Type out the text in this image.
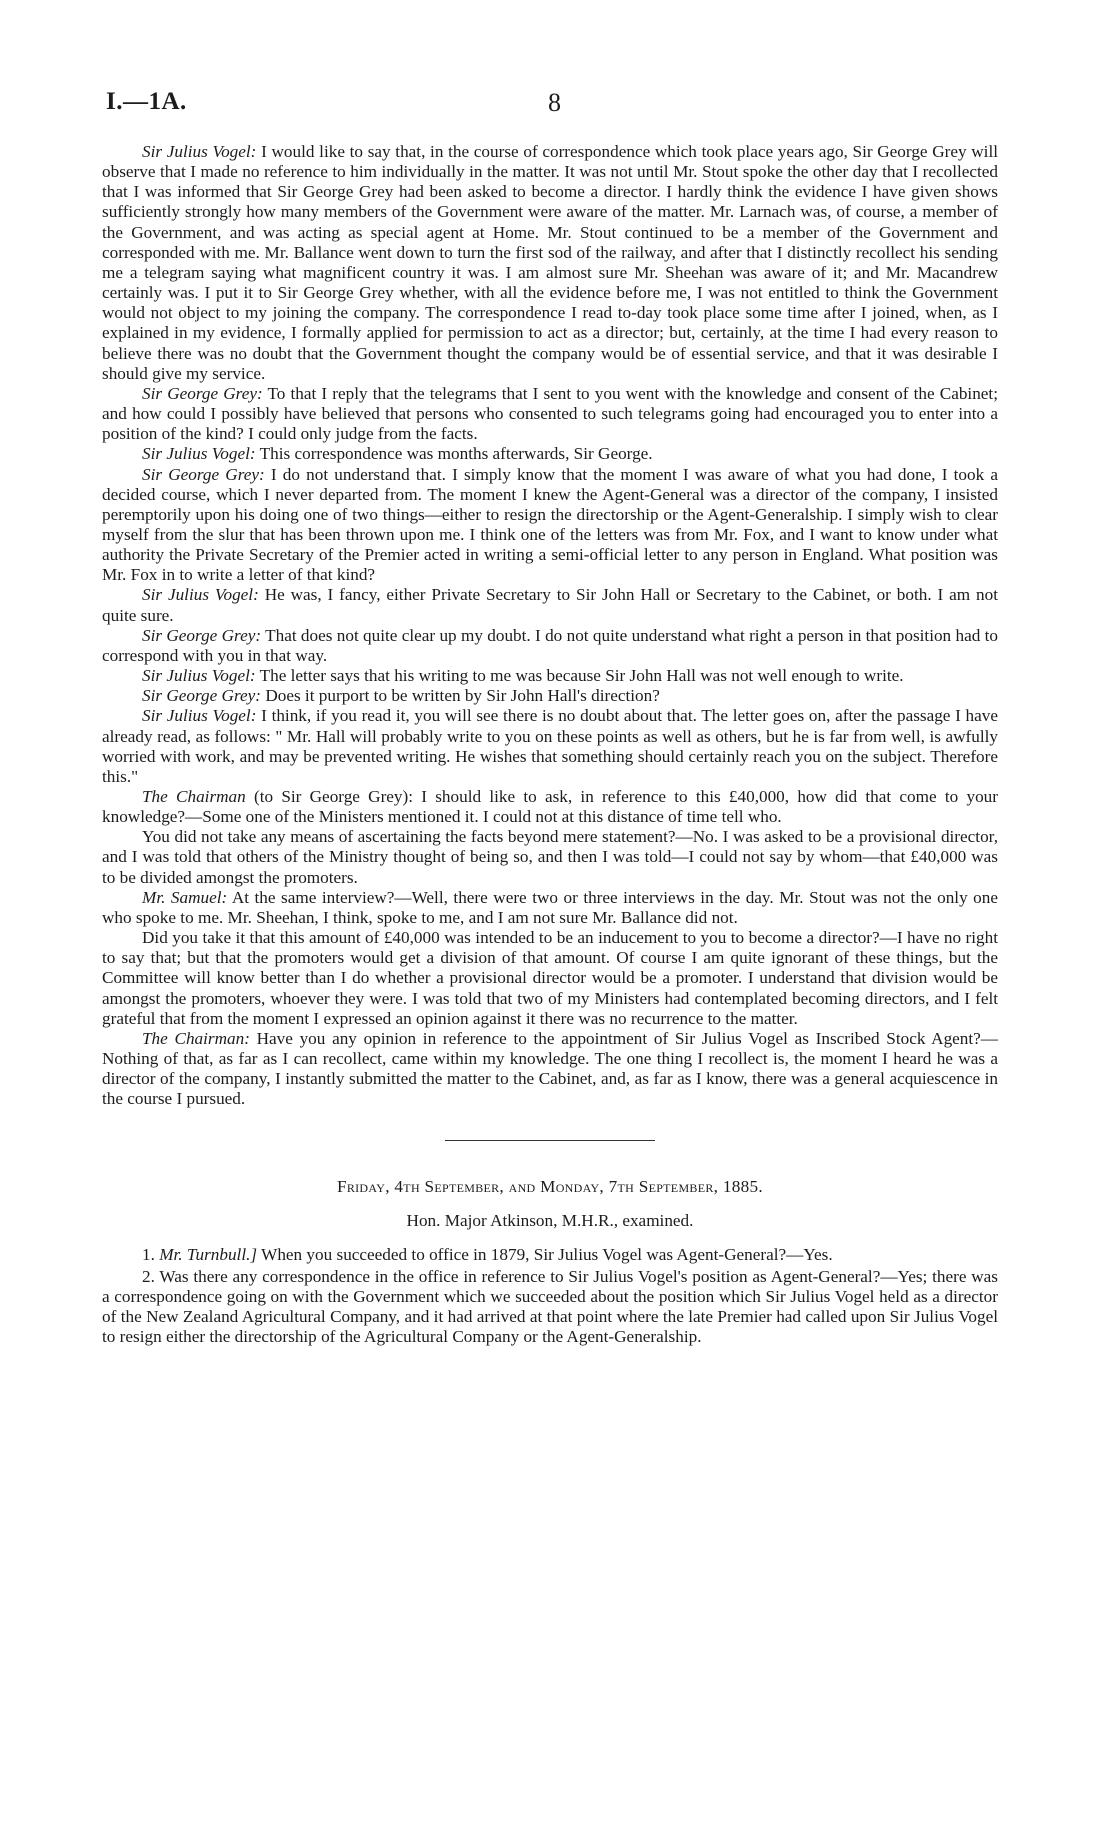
I.—1A.	8

Sir Julius Vogel: I would like to say that, in the course of correspondence which took place years ago, Sir George Grey will observe that I made no reference to him individually in the matter. It was not until Mr. Stout spoke the other day that I recollected that I was informed that Sir George Grey had been asked to become a director. I hardly think the evidence I have given shows sufficiently strongly how many members of the Government were aware of the matter. Mr. Larnach was, of course, a member of the Government, and was acting as special agent at Home. Mr. Stout continued to be a member of the Government and corresponded with me. Mr. Ballance went down to turn the first sod of the railway, and after that I distinctly recollect his sending me a telegram saying what magnificent country it was. I am almost sure Mr. Sheehan was aware of it; and Mr. Macandrew certainly was. I put it to Sir George Grey whether, with all the evidence before me, I was not entitled to think the Government would not object to my joining the company. The correspondence I read to-day took place some time after I joined, when, as I explained in my evidence, I formally applied for permission to act as a director; but, certainly, at the time I had every reason to believe there was no doubt that the Government thought the company would be of essential service, and that it was desirable I should give my service.

Sir George Grey: To that I reply that the telegrams that I sent to you went with the knowledge and consent of the Cabinet; and how could I possibly have believed that persons who consented to such telegrams going had encouraged you to enter into a position of the kind? I could only judge from the facts.

Sir Julius Vogel: This correspondence was months afterwards, Sir George.

Sir George Grey: I do not understand that. I simply know that the moment I was aware of what you had done, I took a decided course, which I never departed from. The moment I knew the Agent-General was a director of the company, I insisted peremptorily upon his doing one of two things—either to resign the directorship or the Agent-Generalship. I simply wish to clear myself from the slur that has been thrown upon me. I think one of the letters was from Mr. Fox, and I want to know under what authority the Private Secretary of the Premier acted in writing a semi-official letter to any person in England. What position was Mr. Fox in to write a letter of that kind?

Sir Julius Vogel: He was, I fancy, either Private Secretary to Sir John Hall or Secretary to the Cabinet, or both. I am not quite sure.

Sir George Grey: That does not quite clear up my doubt. I do not quite understand what right a person in that position had to correspond with you in that way.

Sir Julius Vogel: The letter says that his writing to me was because Sir John Hall was not well enough to write.

Sir George Grey: Does it purport to be written by Sir John Hall's direction?

Sir Julius Vogel: I think, if you read it, you will see there is no doubt about that. The letter goes on, after the passage I have already read, as follows: " Mr. Hall will probably write to you on these points as well as others, but he is far from well, is awfully worried with work, and may be prevented writing. He wishes that something should certainly reach you on the subject. Therefore this."

The Chairman (to Sir George Grey): I should like to ask, in reference to this £40,000, how did that come to your knowledge?—Some one of the Ministers mentioned it. I could not at this distance of time tell who.

You did not take any means of ascertaining the facts beyond mere statement?—No. I was asked to be a provisional director, and I was told that others of the Ministry thought of being so, and then I was told—I could not say by whom—that £40,000 was to be divided amongst the promoters.

Mr. Samuel: At the same interview?—Well, there were two or three interviews in the day. Mr. Stout was not the only one who spoke to me. Mr. Sheehan, I think, spoke to me, and I am not sure Mr. Ballance did not.

Did you take it that this amount of £40,000 was intended to be an inducement to you to become a director?—I have no right to say that; but that the promoters would get a division of that amount. Of course I am quite ignorant of these things, but the Committee will know better than I do whether a provisional director would be a promoter. I understand that division would be amongst the promoters, whoever they were. I was told that two of my Ministers had contemplated becoming directors, and I felt grateful that from the moment I expressed an opinion against it there was no recurrence to the matter.

The Chairman: Have you any opinion in reference to the appointment of Sir Julius Vogel as Inscribed Stock Agent?—Nothing of that, as far as I can recollect, came within my knowledge. The one thing I recollect is, the moment I heard he was a director of the company, I instantly submitted the matter to the Cabinet, and, as far as I know, there was a general acquiescence in the course I pursued.

Friday, 4th September, and Monday, 7th September, 1885.

Hon. Major Atkinson, M.H.R., examined.

1. Mr. Turnbull.] When you succeeded to office in 1879, Sir Julius Vogel was Agent-General?—Yes.

2. Was there any correspondence in the office in reference to Sir Julius Vogel's position as Agent-General?—Yes; there was a correspondence going on with the Government which we succeeded about the position which Sir Julius Vogel held as a director of the New Zealand Agricultural Company, and it had arrived at that point where the late Premier had called upon Sir Julius Vogel to resign either the directorship of the Agricultural Company or the Agent-Generalship.
